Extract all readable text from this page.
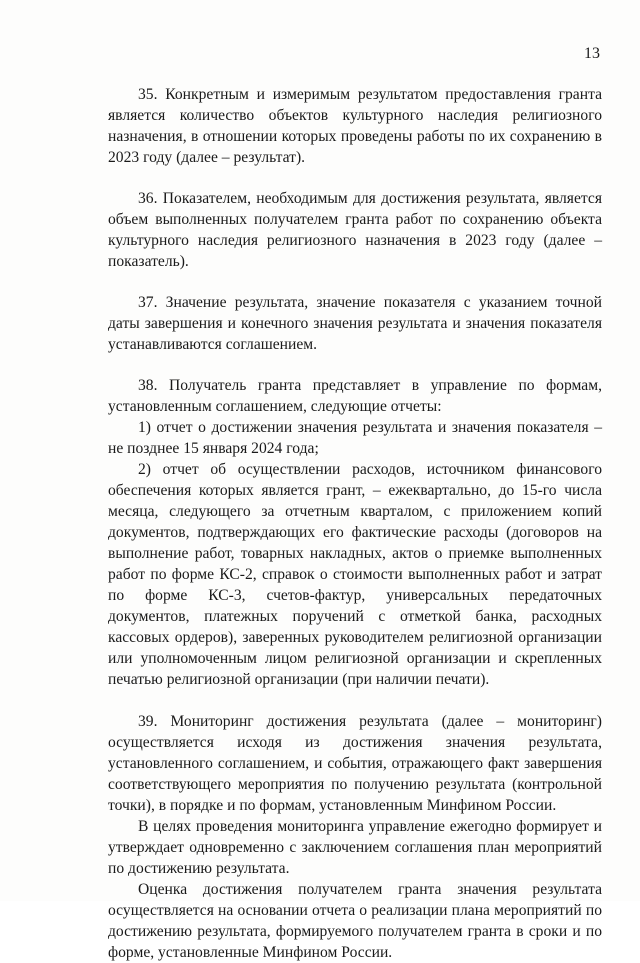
13

35. Конкретным и измеримым результатом предоставления гранта является количество объектов культурного наследия религиозного назначения, в отношении которых проведены работы по их сохранению в 2023 году (далее – результат).

36. Показателем, необходимым для достижения результата, является объем выполненных получателем гранта работ по сохранению объекта культурного наследия религиозного назначения в 2023 году (далее – показатель).

37. Значение результата, значение показателя с указанием точной даты завершения и конечного значения результата и значения показателя устанавливаются соглашением.

38. Получатель гранта представляет в управление по формам, установленным соглашением, следующие отчеты:

1) отчет о достижении значения результата и значения показателя – не позднее 15 января 2024 года;

2) отчет об осуществлении расходов, источником финансового обеспечения которых является грант, – ежеквартально, до 15-го числа месяца, следующего за отчетным кварталом, с приложением копий документов, подтверждающих его фактические расходы (договоров на выполнение работ, товарных накладных, актов о приемке выполненных работ по форме КС-2, справок о стоимости выполненных работ и затрат по форме КС-3, счетов-фактур, универсальных передаточных документов, платежных поручений с отметкой банка, расходных кассовых ордеров), заверенных руководителем религиозной организации или уполномоченным лицом религиозной организации и скрепленных печатью религиозной организации (при наличии печати).

39. Мониторинг достижения результата (далее – мониторинг) осуществляется исходя из достижения значения результата, установленного соглашением, и события, отражающего факт завершения соответствующего мероприятия по получению результата (контрольной точки), в порядке и по формам, установленным Минфином России.

В целях проведения мониторинга управление ежегодно формирует и утверждает одновременно с заключением соглашения план мероприятий по достижению результата.

Оценка достижения получателем гранта значения результата осуществляется на основании отчета о реализации плана мероприятий по достижению результата, формируемого получателем гранта в сроки и по форме, установленные Минфином России.
